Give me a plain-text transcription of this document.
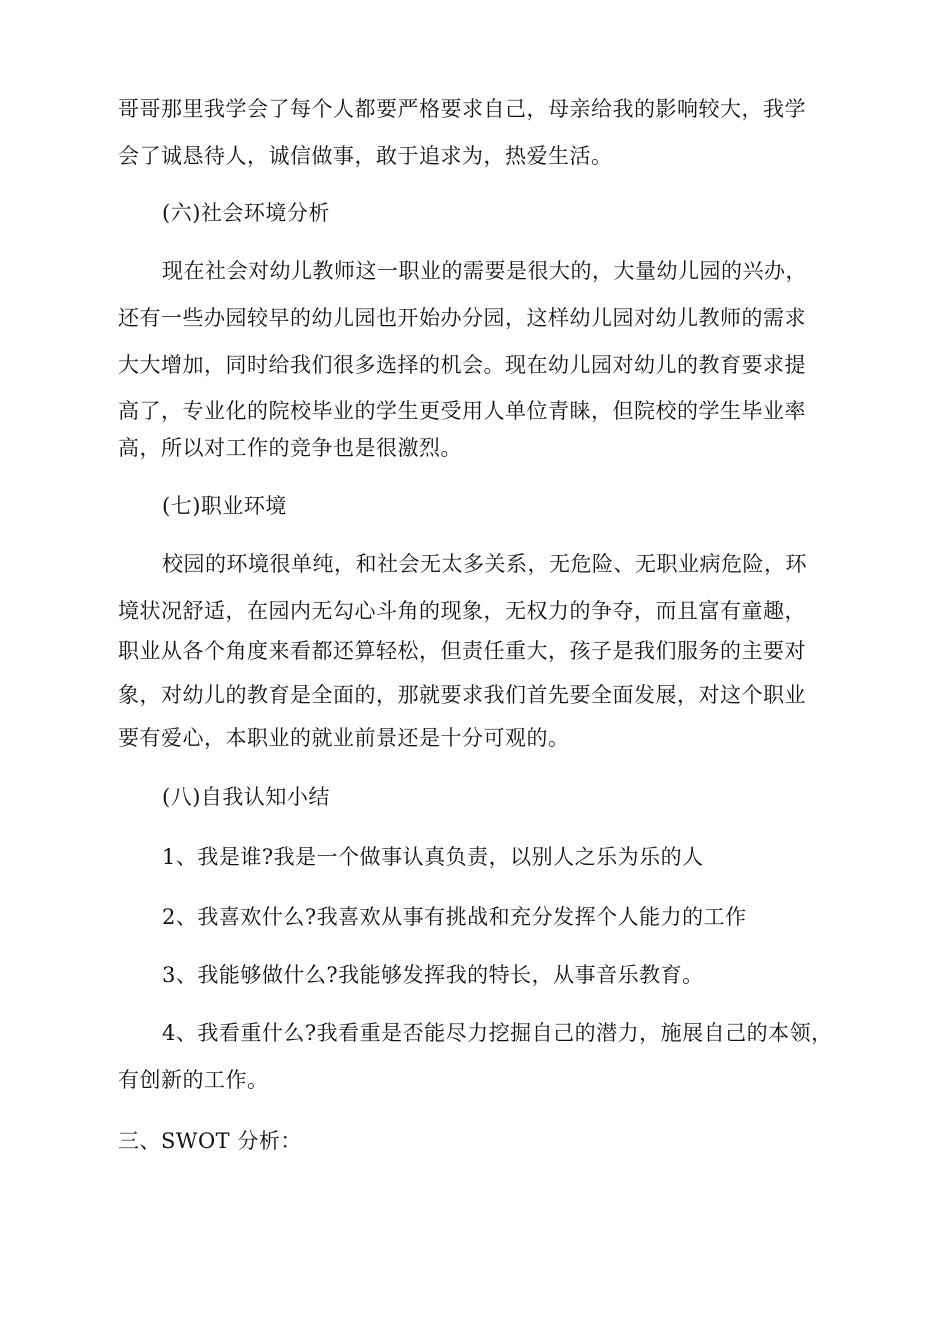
哥哥那里我学会了每个人都要严格要求自己，母亲给我的影响较大，我学
会了诚恳待人，诚信做事，敢于追求为，热爱生活。
(六)社会环境分析
现在社会对幼儿教师这一职业的需要是很大的，大量幼儿园的兴办，
还有一些办园较早的幼儿园也开始办分园，这样幼儿园对幼儿教师的需求
大大增加，同时给我们很多选择的机会。现在幼儿园对幼儿的教育要求提
高了，专业化的院校毕业的学生更受用人单位青睐，但院校的学生毕业率
高，所以对工作的竞争也是很激烈。
(七)职业环境
校园的环境很单纯，和社会无太多关系，无危险、无职业病危险，环
境状况舒适，在园内无勾心斗角的现象，无权力的争夺，而且富有童趣，
职业从各个角度来看都还算轻松，但责任重大，孩子是我们服务的主要对
象，对幼儿的教育是全面的，那就要求我们首先要全面发展，对这个职业
要有爱心，本职业的就业前景还是十分可观的。
(八)自我认知小结
1、我是谁?我是一个做事认真负责，以别人之乐为乐的人
2、我喜欢什么?我喜欢从事有挑战和充分发挥个人能力的工作
3、我能够做什么?我能够发挥我的特长，从事音乐教育。
4、我看重什么?我看重是否能尽力挖掘自己的潜力，施展自己的本领，
有创新的工作。
三、SWOT 分析：
